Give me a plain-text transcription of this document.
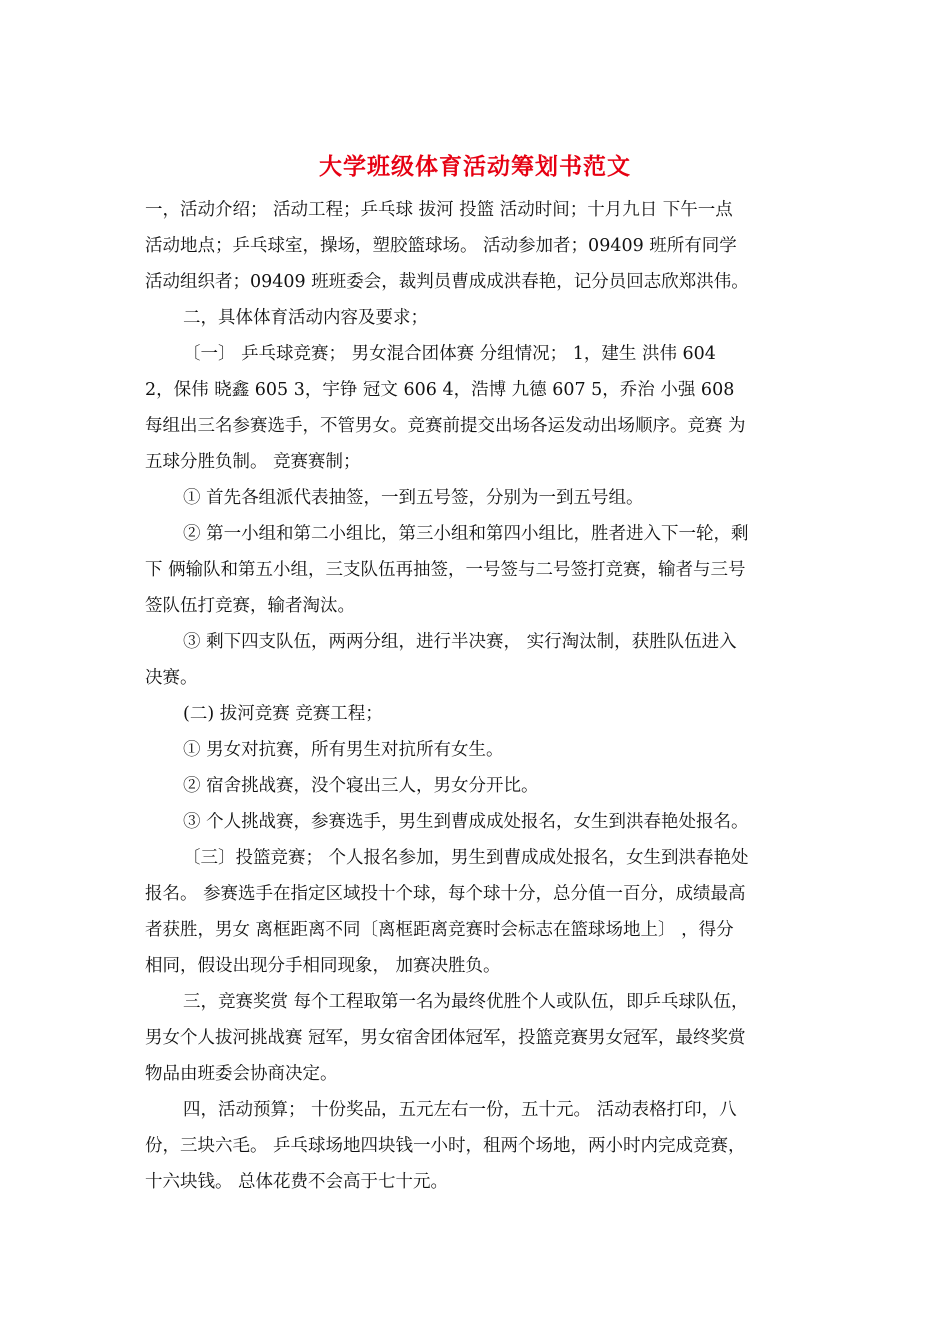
大学班级体育活动筹划书范文

一，活动介绍； 活动工程；乒乓球 拔河 投篮 活动时间；十月九日 下午一点

活动地点；乒乓球室，操场，塑胶篮球场。 活动参加者；09409 班所有同学

活动组织者；09409 班班委会，裁判员曹成成洪春艳，记分员回志欣郑洪伟。

二，具体体育活动内容及要求；

〔一〕 乒乓球竞赛； 男女混合团体赛 分组情况； 1，建生 洪伟 604

2，保伟 晓鑫 605 3，宇铮 冠文 606 4，浩博 九德 607 5，乔治 小强 608

每组出三名参赛选手，不管男女。竞赛前提交出场各运发动出场顺序。竞赛 为

五球分胜负制。 竞赛赛制；

① 首先各组派代表抽签，一到五号签，分别为一到五号组。

② 第一小组和第二小组比，第三小组和第四小组比，胜者进入下一轮，剩

下 俩输队和第五小组，三支队伍再抽签，一号签与二号签打竞赛，输者与三号

签队伍打竞赛，输者淘汰。

③ 剩下四支队伍，两两分组，进行半决赛， 实行淘汰制，获胜队伍进入

决赛。

(二) 拔河竞赛 竞赛工程；

① 男女对抗赛，所有男生对抗所有女生。

② 宿舍挑战赛，没个寝出三人，男女分开比。

③ 个人挑战赛，参赛选手，男生到曹成成处报名，女生到洪春艳处报名。

〔三〕投篮竞赛； 个人报名参加，男生到曹成成处报名，女生到洪春艳处

报名。 参赛选手在指定区域投十个球，每个球十分，总分值一百分，成绩最高

者获胜，男女 离框距离不同〔离框距离竞赛时会标志在篮球场地上〕 ，得分

相同，假设出现分手相同现象， 加赛决胜负。

三，竞赛奖赏 每个工程取第一名为最终优胜个人或队伍，即乒乓球队伍，

男女个人拔河挑战赛 冠军，男女宿舍团体冠军，投篮竞赛男女冠军，最终奖赏

物品由班委会协商决定。

四，活动预算； 十份奖品，五元左右一份，五十元。 活动表格打印，八

份，三块六毛。 乒乓球场地四块钱一小时，租两个场地，两小时内完成竞赛，

十六块钱。 总体花费不会高于七十元。
